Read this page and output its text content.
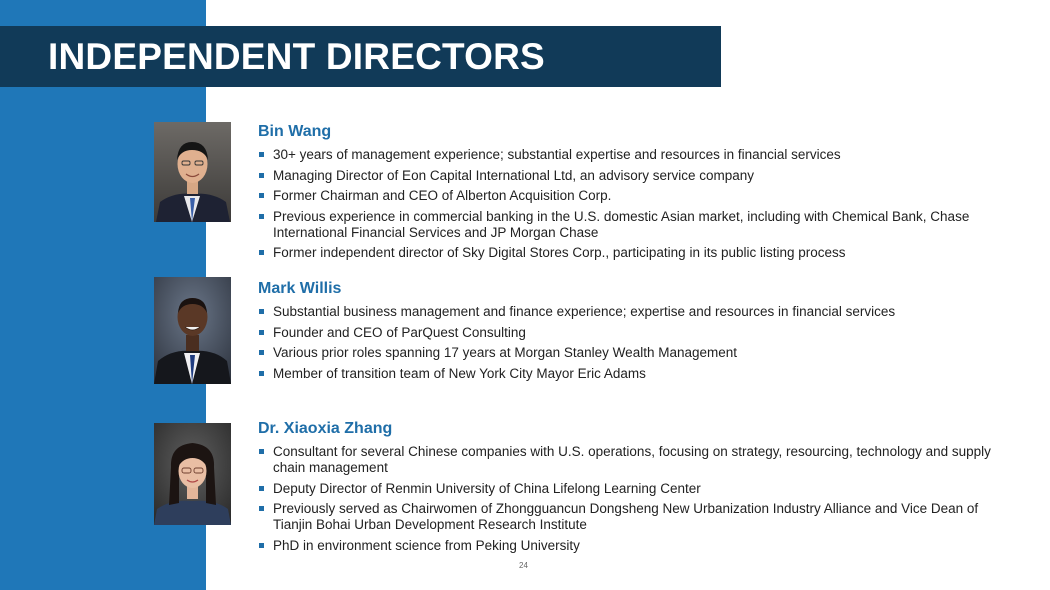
INDEPENDENT DIRECTORS
Bin Wang
30+ years of management experience; substantial expertise and resources in financial services
Managing Director of Eon Capital International Ltd, an advisory service company
Former Chairman and CEO of Alberton Acquisition Corp.
Previous experience in commercial banking in the U.S. domestic Asian market, including with Chemical Bank, Chase International Financial Services and JP Morgan Chase
Former independent director of Sky Digital Stores Corp., participating in its public listing process
Mark Willis
Substantial business management and finance experience; expertise and resources in financial services
Founder and CEO of ParQuest Consulting
Various prior roles spanning 17 years at Morgan Stanley Wealth Management
Member of transition team of New York City Mayor Eric Adams
Dr. Xiaoxia Zhang
Consultant for several Chinese companies with U.S. operations, focusing on strategy, resourcing, technology and supply chain management
Deputy Director of Renmin University of China Lifelong Learning Center
Previously served as Chairwomen of Zhongguancun Dongsheng New Urbanization Industry Alliance and Vice Dean of Tianjin Bohai Urban Development Research Institute
PhD in environment science from Peking University
24
